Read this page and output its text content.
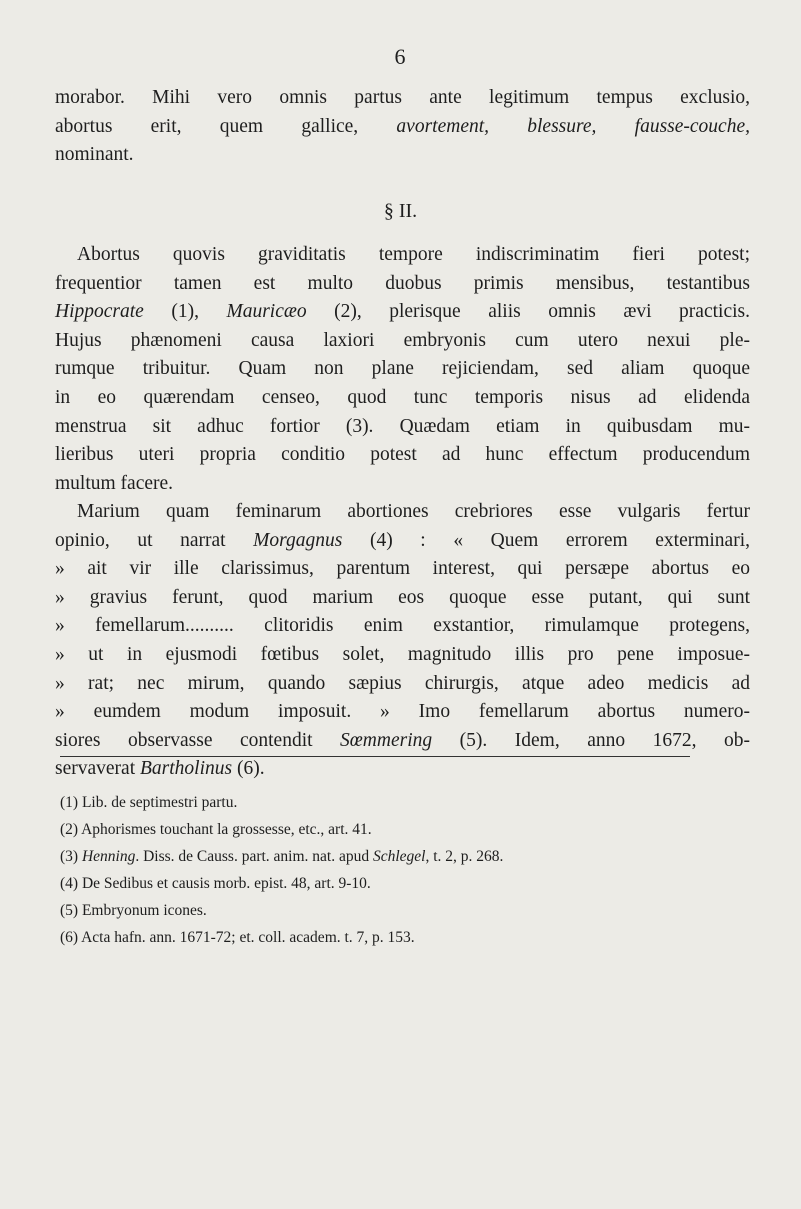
6
morabor. Mihi vero omnis partus ante legitimum tempus exclusio,
abortus erit, quem gallice, avortement, blessure, fausse-couche,
nominant.
§ II.
Abortus quovis graviditatis tempore indiscriminatim fieri potest;
frequentior tamen est multo duobus primis mensibus, testantibus
Hippocrate (1), Mauricæo (2), plerisque aliis omnis ævi practicis.
Hujus phænomeni causa laxiori embryonis cum utero nexui ple-
rumque tribuitur. Quam non plane rejiciendam, sed aliam quoque
in eo quærendam censeo, quod tunc temporis nisus ad elidenda
menstrua sit adhuc fortior (3). Quædam etiam in quibusdam mu-
lieribus uteri propria conditio potest ad hunc effectum producendum
multum facere.
Marium quam feminarum abortiones crebriores esse vulgaris fertur
opinio, ut narrat Morgagnus (4) : « Quem errorem exterminari,
» ait vir ille clarissimus, parentum interest, qui persæpe abortus eo
» gravius ferunt, quod marium eos quoque esse putant, qui sunt
» femellarum.......... clitoridis enim exstantior, rimulamque protegens,
» ut in ejusmodi fœtibus solet, magnitudo illis pro pene imposue-
» rat; nec mirum, quando sæpius chirurgis, atque adeo medicis ad
» eumdem modum imposuit. » Imo femellarum abortus numero-
siores observasse contendit Sœmmering (5). Idem, anno 1672, ob-
servaverat Bartholinus (6).
(1) Lib. de septimestri partu.
(2) Aphorismes touchant la grossesse, etc., art. 41.
(3) Henning. Diss. de Causs. part. anim. nat. apud Schlegel, t. 2, p. 268.
(4) De Sedibus et causis morb. epist. 48, art. 9-10.
(5) Embryonum icones.
(6) Acta hafn. ann. 1671-72; et. coll. academ. t. 7, p. 153.
